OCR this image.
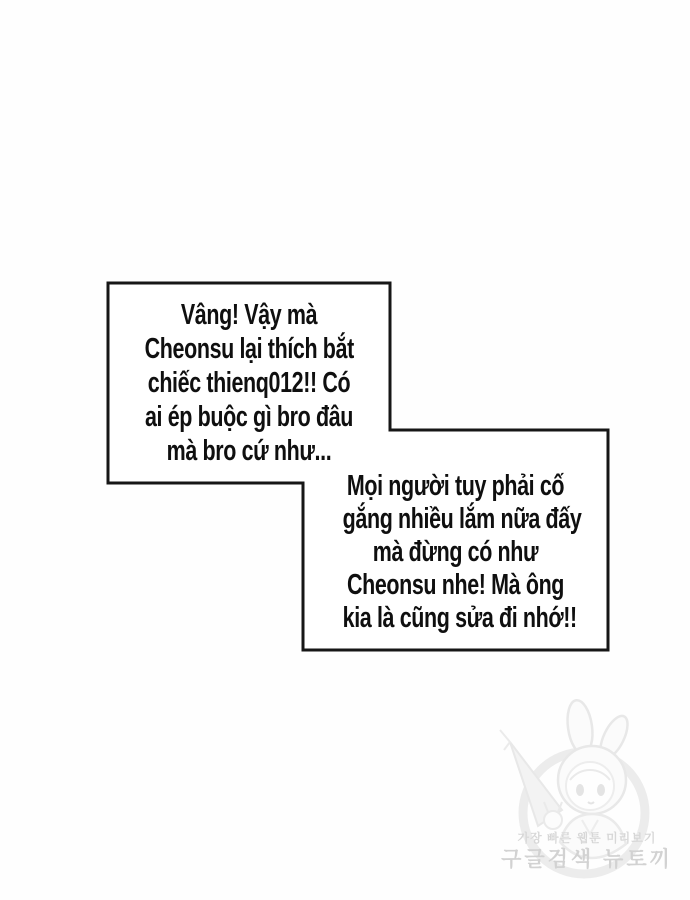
Vâng! Vậy mà
Cheonsu lại thích bắt
chiếc thienq012!! Có
ai ép buộc gì bro đâu
mà bro cứ như...
Mọi người tuy phải cố
gắng nhiều lắm nữa đấy
mà đừng có như
Cheonsu nhe! Mà ông
kia là cũng sửa đi nhớ!!
가장 빠른 웹툰 미리보기
구글검색 뉴토끼
